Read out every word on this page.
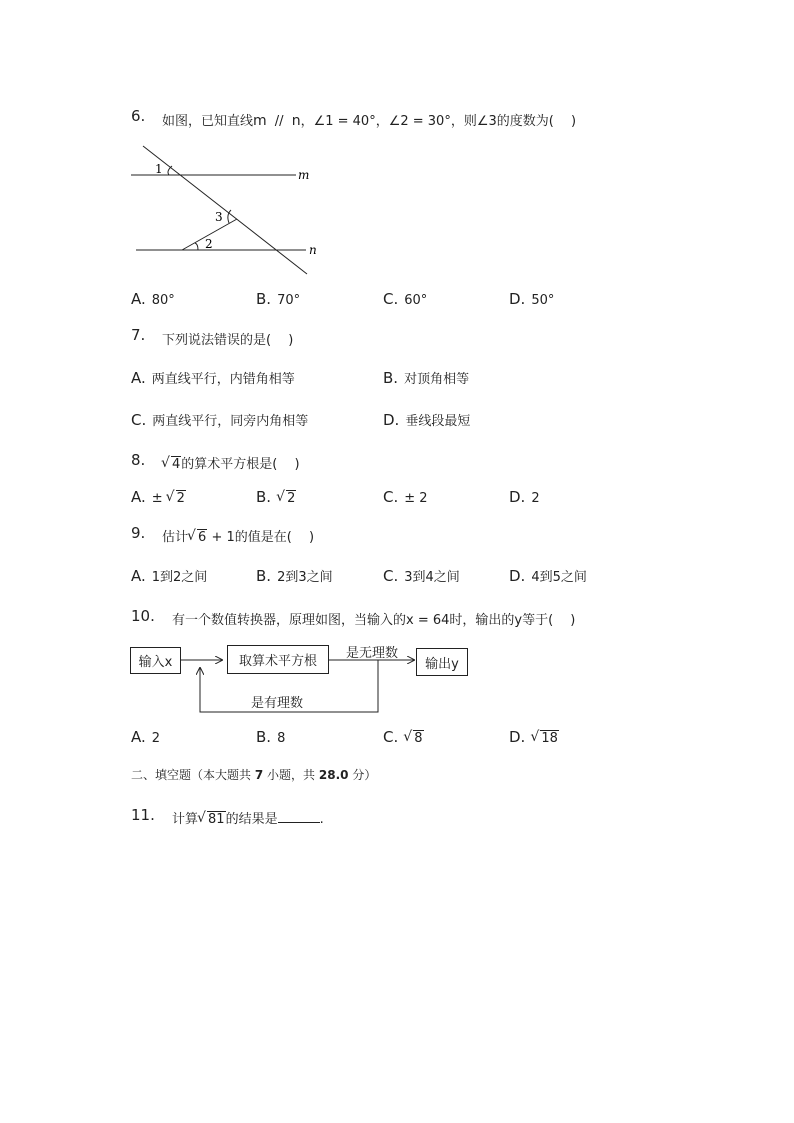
6. 如图，已知直线m // n，∠1 = 40°，∠2 = 30°，则∠3的度数为(　 )
1
2
3
m
n
A. 80°	B. 70°	C. 60°	D. 50°
7. 下列说法错误的是(　 )
A. 两直线平行，内错角相等	B. 对顶角相等
C. 两直线平行，同旁内角相等	D. 垂线段最短
8.	√ 4的算术平方根是(　 )
A. ± √ 2	B. √ 2	C. ± 2	D. 2
9. 估计 √ 6 + 1的值是在(　 )
A. 1到2之间	B. 2到3之间	C. 3到4之间	D. 4到5之间
10. 有一个数值转换器，原理如图，当输入的x = 64时，输出的y等于(　 )
输入x	取算术平方根	输出y
是无理数
是有理数
A. 2	B. 8	C. √ 8	D. √ 18
二、填空题（本大题共 7 小题，共 28.0 分）
11. 计算 √ 81的结果是	.
